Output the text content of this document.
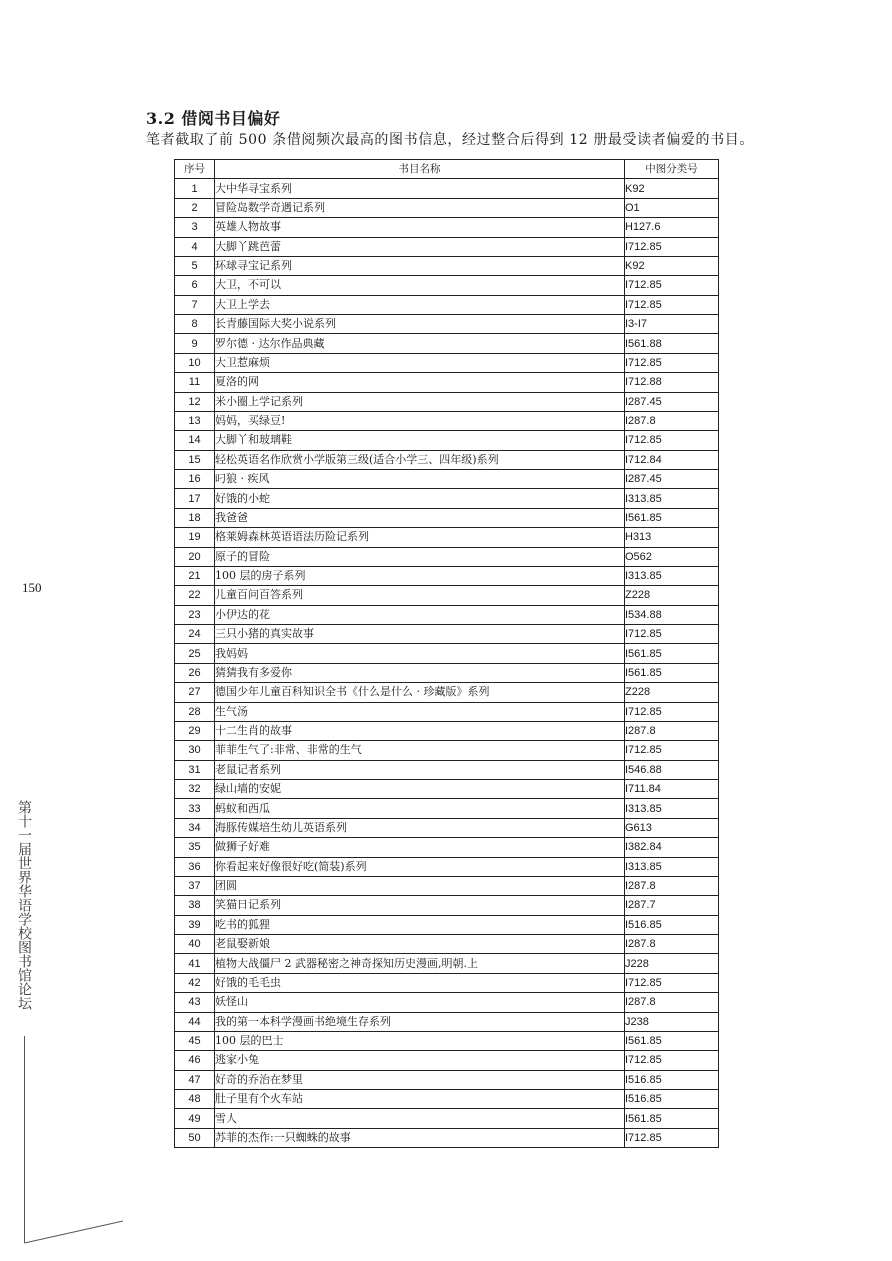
3.2 借阅书目偏好
笔者截取了前 500 条借阅频次最高的图书信息，经过整合后得到 12 册最受读者偏爱的书目。
序号	书目名称	中图分类号
1	大中华寻宝系列	K92
2	冒险岛数学奇遇记系列	O1
3	英雄人物故事	H127.6
4	大脚丫跳芭蕾	I712.85
5	环球寻宝记系列	K92
6	大卫，不可以	I712.85
7	大卫上学去	I712.85
8	长青藤国际大奖小说系列	I3-I7
9	罗尔德 · 达尔作品典藏	I561.88
10	大卫惹麻烦	I712.85
11	夏洛的网	I712.88
12	米小圈上学记系列	I287.45
13	妈妈，买绿豆!	I287.8
14	大脚丫和玻璃鞋	I712.85
15	轻松英语名作欣赏小学版第三级(适合小学三、四年级)系列	I712.84
16	叼狼 · 疾风	I287.45
17	好饿的小蛇	I313.85
18	我爸爸	I561.85
19	格莱姆森林英语语法历险记系列	H313
20	原子的冒险	O562
21	100 层的房子系列	I313.85
22	儿童百问百答系列	Z228
23	小伊达的花	I534.88
24	三只小猪的真实故事	I712.85
25	我妈妈	I561.85
26	猜猜我有多爱你	I561.85
27	德国少年儿童百科知识全书《什么是什么 · 珍藏版》系列	Z228
28	生气汤	I712.85
29	十二生肖的故事	I287.8
30	菲菲生气了:非常、非常的生气	I712.85
31	老鼠记者系列	I546.88
32	绿山墙的安妮	I711.84
33	蚂蚁和西瓜	I313.85
34	海豚传媒培生幼儿英语系列	G613
35	做狮子好难	I382.84
36	你看起来好像很好吃(简装)系列	I313.85
37	团圆	I287.8
38	笑猫日记系列	I287.7
39	吃书的狐狸	I516.85
40	老鼠娶新娘	I287.8
41	植物大战僵尸 2 武器秘密之神奇探知历史漫画,明朝.上	J228
42	好饿的毛毛虫	I712.85
43	妖怪山	I287.8
44	我的第一本科学漫画书绝境生存系列	J238
45	100 层的巴士	I561.85
46	逃家小兔	I712.85
47	好奇的乔治在梦里	I516.85
48	肚子里有个火车站	I516.85
49	雪人	I561.85
50	苏菲的杰作:一只蜘蛛的故事	I712.85
150
第十一届世界华语学校图书馆论坛
